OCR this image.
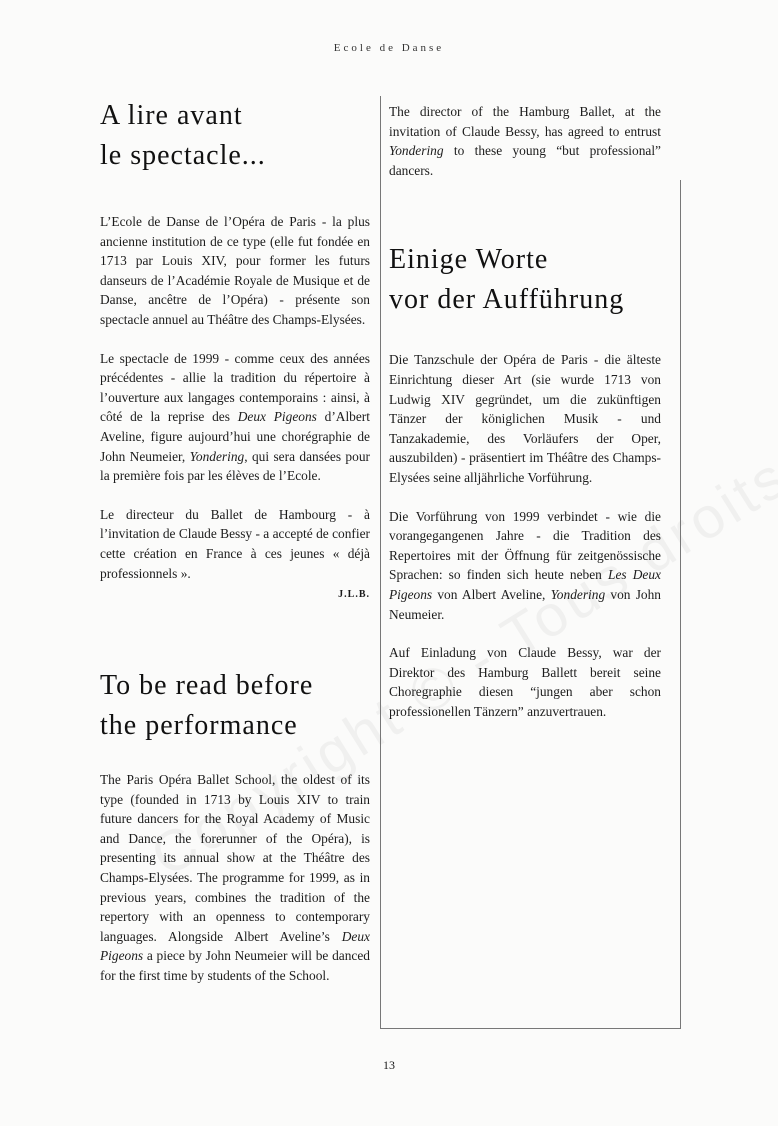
Ecole de Danse
A lire avant
le spectacle...

L’Ecole de Danse de l’Opéra de Paris - la plus ancienne institution de ce type (elle fut fondée en 1713 par Louis XIV, pour former les futurs danseurs de l’Académie Royale de Musique et de Danse, ancêtre de l’Opéra) - présente son spectacle annuel au Théâtre des Champs-Elysées.

Le spectacle de 1999 - comme ceux des années précédentes - allie la tradition du répertoire à l’ouverture aux langages contemporains : ainsi, à côté de la reprise des Deux Pigeons d’Albert Aveline, figure aujourd’hui une chorégraphie de John Neumeier, Yondering, qui sera dansées pour la première fois par les élèves de l’Ecole.

Le directeur du Ballet de Hambourg - à l’invitation de Claude Bessy - a accepté de confier cette création en France à ces jeunes « déjà professionnels ».

J.L.B.
To be read before
the performance

The Paris Opéra Ballet School, the oldest of its type (founded in 1713 by Louis XIV to train future dancers for the Royal Academy of Music and Dance, the forerunner of the Opéra), is presenting its annual show at the Théâtre des Champs-Elysées. The programme for 1999, as in previous years, combines the tradition of the repertory with an openness to contemporary languages. Alongside Albert Aveline’s Deux Pigeons a piece by John Neumeier will be danced for the first time by students of the School.

The director of the Hamburg Ballet, at the invitation of Claude Bessy, has agreed to entrust Yondering to these young “but professional” dancers.

Einige Worte
vor der Aufführung

Die Tanzschule der Opéra de Paris - die älteste Einrichtung dieser Art (sie wurde 1713 von Ludwig XIV gegründet, um die zukünftigen Tänzer der königlichen Musik - und Tanzakademie, des Vorläufers der Oper, auszubilden) - präsentiert im Théâtre des Champs-Elysées seine alljährliche Vorführung.

Die Vorführung von 1999 verbindet - wie die vorangegangenen Jahre - die Tradition des Repertoires mit der Öffnung für zeitgenössische Sprachen: so finden sich heute neben Les Deux Pigeons von Albert Aveline, Yondering von John Neumeier.

Auf Einladung von Claude Bessy, war der Direktor des Hamburg Ballett bereit seine Choregraphie diesen “jungen aber schon professionellen Tänzern” anzuvertrauen.

13
